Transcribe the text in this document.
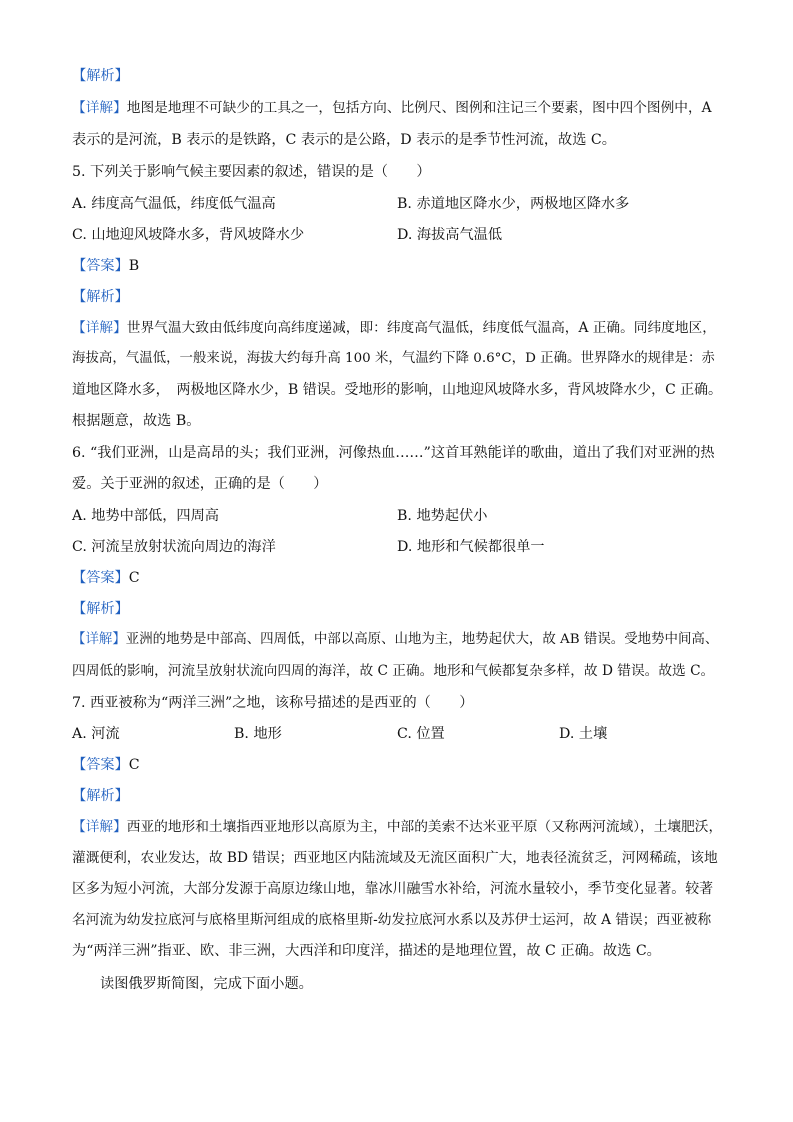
【解析】
【详解】地图是地理不可缺少的工具之一，包括方向、比例尺、图例和注记三个要素，图中四个图例中，A
表示的是河流，B 表示的是铁路，C 表示的是公路，D 表示的是季节性河流，故选 C。
5. 下列关于影响气候主要因素的叙述，错误的是（　　）
A. 纬度高气温低，纬度低气温高	B. 赤道地区降水少，两极地区降水多
C. 山地迎风坡降水多，背风坡降水少	D. 海拔高气温低
【答案】B
【解析】
【详解】世界气温大致由低纬度向高纬度递减，即：纬度高气温低，纬度低气温高，A 正确。同纬度地区，
海拔高，气温低，一般来说，海拔大约每升高 100 米，气温约下降 0.6°C，D 正确。世界降水的规律是：赤
道地区降水多，　两极地区降水少，B 错误。受地形的影响，山地迎风坡降水多，背风坡降水少，C 正确。
根据题意，故选 B。
6. “我们亚洲，山是高昂的头；我们亚洲，河像热血……”这首耳熟能详的歌曲，道出了我们对亚洲的热
爱。关于亚洲的叙述，正确的是（　　）
A. 地势中部低，四周高	B. 地势起伏小
C. 河流呈放射状流向周边的海洋	D. 地形和气候都很单一
【答案】C
【解析】
【详解】亚洲的地势是中部高、四周低，中部以高原、山地为主，地势起伏大，故 AB 错误。受地势中间高、
四周低的影响，河流呈放射状流向四周的海洋，故 C 正确。地形和气候都复杂多样，故 D 错误。故选 C。
7. 西亚被称为“两洋三洲”之地，该称号描述的是西亚的（　　）
A. 河流	B. 地形	C. 位置	D. 土壤
【答案】C
【解析】
【详解】西亚的地形和土壤指西亚地形以高原为主，中部的美索不达米亚平原（又称两河流域），土壤肥沃，
灌溉便利，农业发达，故 BD 错误；西亚地区内陆流域及无流区面积广大，地表径流贫乏，河网稀疏，该地
区多为短小河流，大部分发源于高原边缘山地，靠冰川融雪水补给，河流水量较小，季节变化显著。较著
名河流为幼发拉底河与底格里斯河组成的底格里斯-幼发拉底河水系以及苏伊士运河，故 A 错误；西亚被称
为“两洋三洲”指亚、欧、非三洲，大西洋和印度洋，描述的是地理位置，故 C 正确。故选 C。
读图俄罗斯简图，完成下面小题。
